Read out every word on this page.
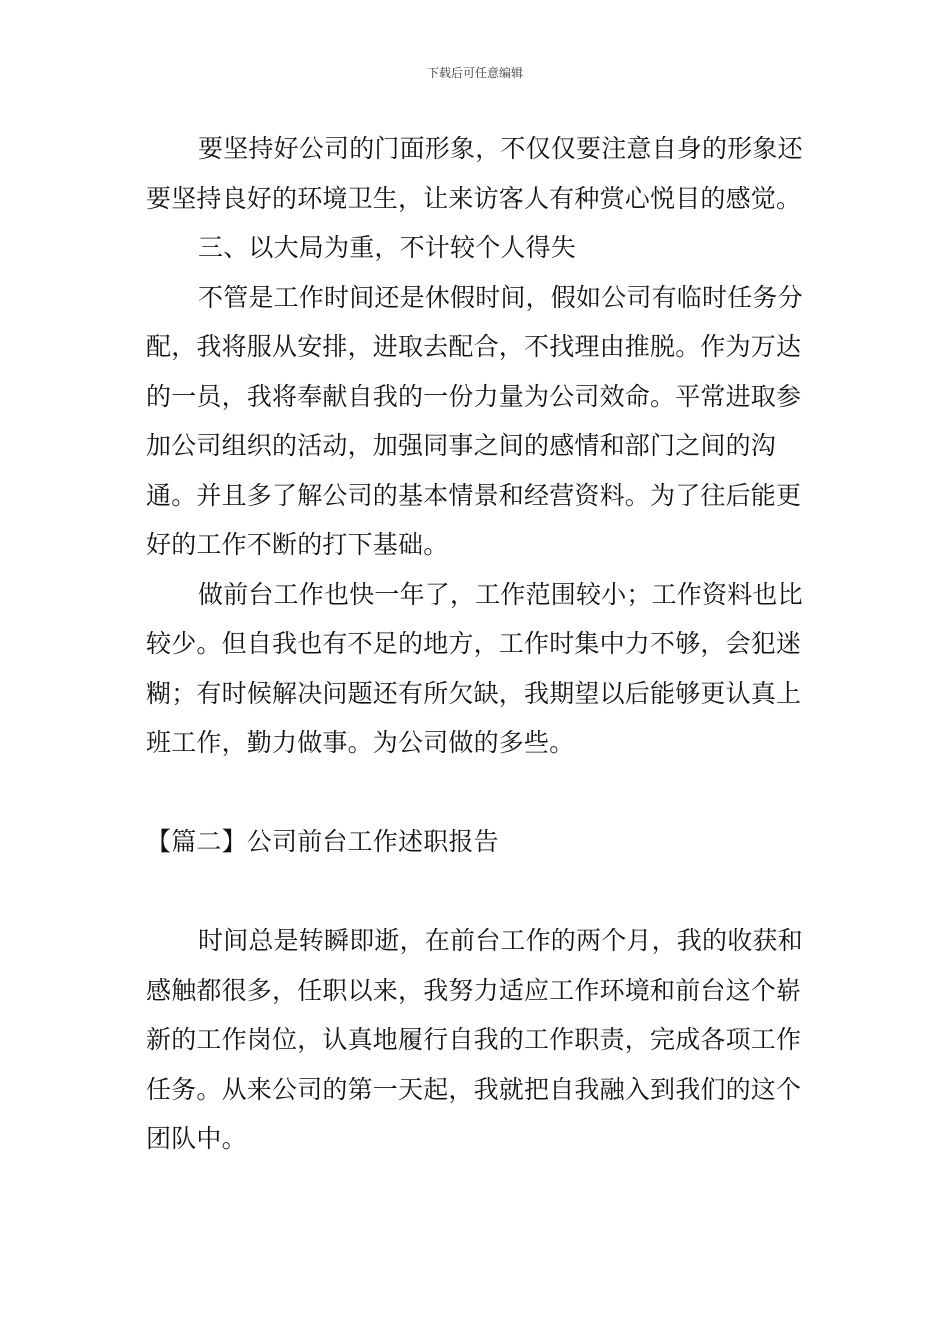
下载后可任意编辑

要坚持好公司的门面形象，不仅仅要注意自身的形象还要坚持良好的环境卫生，让来访客人有种赏心悦目的感觉。

三、以大局为重，不计较个人得失

不管是工作时间还是休假时间，假如公司有临时任务分配，我将服从安排，进取去配合，不找理由推脱。作为万达的一员，我将奉献自我的一份力量为公司效命。平常进取参加公司组织的活动，加强同事之间的感情和部门之间的沟通。并且多了解公司的基本情景和经营资料。为了往后能更好的工作不断的打下基础。

做前台工作也快一年了，工作范围较小；工作资料也比较少。但自我也有不足的地方，工作时集中力不够，会犯迷糊；有时候解决问题还有所欠缺，我期望以后能够更认真上班工作，勤力做事。为公司做的多些。

【篇二】公司前台工作述职报告

时间总是转瞬即逝，在前台工作的两个月，我的收获和感触都很多，任职以来，我努力适应工作环境和前台这个崭新的工作岗位，认真地履行自我的工作职责，完成各项工作任务。从来公司的第一天起，我就把自我融入到我们的这个团队中。
